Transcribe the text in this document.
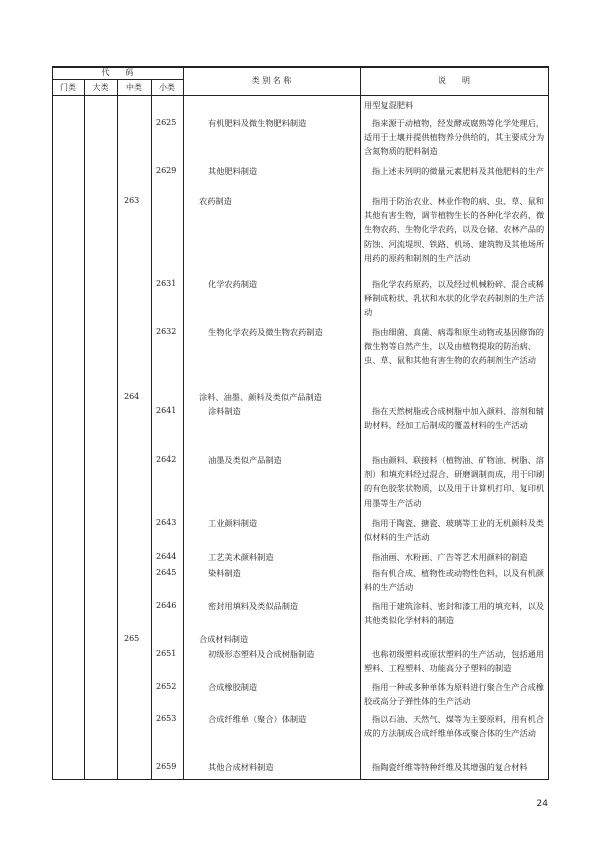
代　　码
门类	大类	中类	小类
类 别 名 称	说　　明
用型复混肥料
2625	有机肥料及微生物肥料制造	指来源于动植物，经发酵或腐熟等化学处理后，适用于土壤并提供植物养分供给的，其主要成分为含氮物质的肥料制造
2629	其他肥料制造	指上述未列明的微量元素肥料及其他肥料的生产
263	农药制造	指用于防治农业、林业作物的病、虫、草、鼠和其他有害生物，调节植物生长的各种化学农药、微生物农药、生物化学农药，以及仓储、农林产品的防蚀、河流堤坝、铁路、机场、建筑物及其他场所用药的原药和制剂的生产活动
2631	化学农药制造	指化学农药原药，以及经过机械粉碎、混合或稀释制成粉状、乳状和水状的化学农药制剂的生产活动
2632	生物化学农药及微生物农药制造	指由细菌、真菌、病毒和原生动物或基因修饰的微生物等自然产生，以及由植物提取的防治病、虫、草、鼠和其他有害生物的农药制剂生产活动
264	涂料、油墨、颜料及类似产品制造
2641	涂料制造	指在天然树脂或合成树脂中加入颜料、溶剂和辅助材料，经加工后制成的覆盖材料的生产活动
2642	油墨及类似产品制造	指由颜料、联接料（植物油、矿物油、树脂、溶剂）和填充料经过混合、研磨调制而成，用于印刷的有色胶浆状物质，以及用于计算机打印、复印机用墨等生产活动
2643	工业颜料制造	指用于陶瓷、搪瓷、玻璃等工业的无机颜料及类似材料的生产活动
2644	工艺美术颜料制造	指油画、水粉画、广告等艺术用颜料的制造
2645	染料制造	指有机合成、植物性或动物性色料，以及有机颜料的生产活动
2646	密封用填料及类似品制造	指用于建筑涂料、密封和漆工用的填充料，以及其他类似化学材料的制造
265	合成材料制造
2651	初级形态塑料及合成树脂制造	也称初级塑料或原状塑料的生产活动，包括通用塑料、工程塑料、功能高分子塑料的制造
2652	合成橡胶制造	指用一种或多种单体为原料进行聚合生产合成橡胶或高分子弹性体的生产活动
2653	合成纤维单（聚合）体制造	指以石油、天然气、煤等为主要原料，用有机合成的方法制成合成纤维单体或聚合体的生产活动
2659	其他合成材料制造	指陶瓷纤维等特种纤维及其增强的复合材料
24
